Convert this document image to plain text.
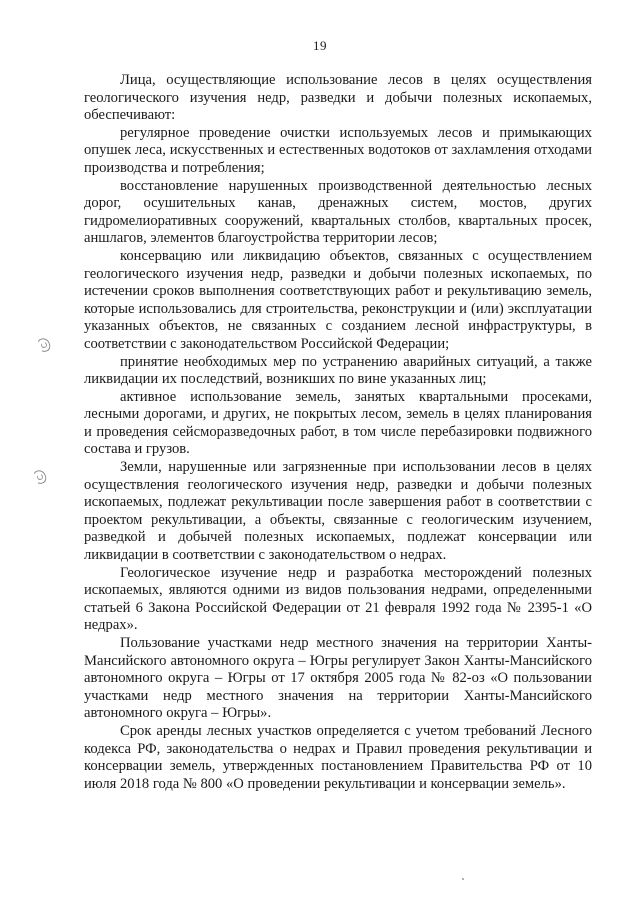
19

Лица, осуществляющие использование лесов в целях осуществления геологического изучения недр, разведки и добычи полезных ископаемых, обеспечивают:

регулярное проведение очистки используемых лесов и примыкающих опушек леса, искусственных и естественных водотоков от захламления отходами производства и потребления;

восстановление нарушенных производственной деятельностью лесных дорог, осушительных канав, дренажных систем, мостов, других гидромелиоративных сооружений, квартальных столбов, квартальных просек, аншлагов, элементов благоустройства территории лесов;

консервацию или ликвидацию объектов, связанных с осуществлением геологического изучения недр, разведки и добычи полезных ископаемых, по истечении сроков выполнения соответствующих работ и рекультивацию земель, которые использовались для строительства, реконструкции и (или) эксплуатации указанных объектов, не связанных с созданием лесной инфраструктуры, в соответствии с законодательством Российской Федерации;

принятие необходимых мер по устранению аварийных ситуаций, а также ликвидации их последствий, возникших по вине указанных лиц;

активное использование земель, занятых квартальными просеками, лесными дорогами, и других, не покрытых лесом, земель в целях планирования и проведения сейсморазведочных работ, в том числе перебазировки подвижного состава и грузов.

Земли, нарушенные или загрязненные при использовании лесов в целях осуществления геологического изучения недр, разведки и добычи полезных ископаемых, подлежат рекультивации после завершения работ в соответствии с проектом рекультивации, а объекты, связанные с геологическим изучением, разведкой и добычей полезных ископаемых, подлежат консервации или ликвидации в соответствии с законодательством о недрах.

Геологическое изучение недр и разработка месторождений полезных ископаемых, являются одними из видов пользования недрами, определенными статьей 6 Закона Российской Федерации от 21 февраля 1992 года № 2395-1 «О недрах».

Пользование участками недр местного значения на территории Ханты-Мансийского автономного округа – Югры регулирует Закон Ханты-Мансийского автономного округа – Югры от 17 октября 2005 года № 82-оз «О пользовании участками недр местного значения на территории Ханты-Мансийского автономного округа – Югры».

Срок аренды лесных участков определяется с учетом требований Лесного кодекса РФ, законодательства о недрах и Правил проведения рекультивации и консервации земель, утвержденных постановлением Правительства РФ от 10 июля 2018 года № 800 «О проведении рекультивации и консервации земель».
